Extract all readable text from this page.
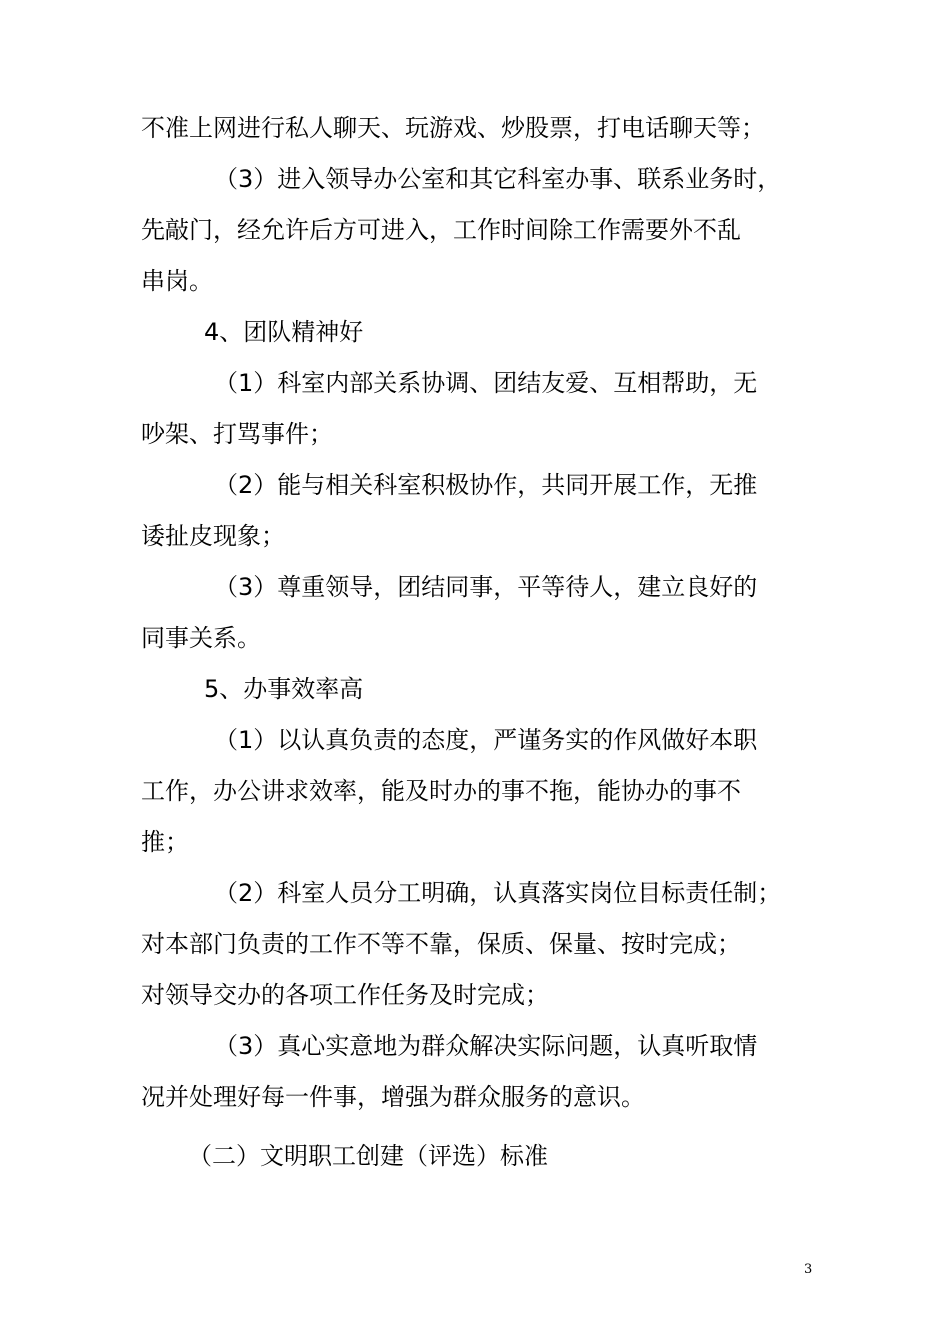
不准上网进行私人聊天、玩游戏、炒股票，打电话聊天等；

（3）进入领导办公室和其它科室办事、联系业务时，

先敲门，经允许后方可进入，工作时间除工作需要外不乱

串岗。

4、团队精神好

（1）科室内部关系协调、团结友爱、互相帮助，无

吵架、打骂事件；

（2）能与相关科室积极协作，共同开展工作，无推

诿扯皮现象；

（3）尊重领导，团结同事，平等待人，建立良好的

同事关系。

5、办事效率高

（1）以认真负责的态度，严谨务实的作风做好本职

工作，办公讲求效率，能及时办的事不拖，能协办的事不

推；

（2）科室人员分工明确，认真落实岗位目标责任制；

对本部门负责的工作不等不靠，保质、保量、按时完成；

对领导交办的各项工作任务及时完成；

（3）真心实意地为群众解决实际问题，认真听取情

况并处理好每一件事，增强为群众服务的意识。

（二）文明职工创建（评选）标准

3
